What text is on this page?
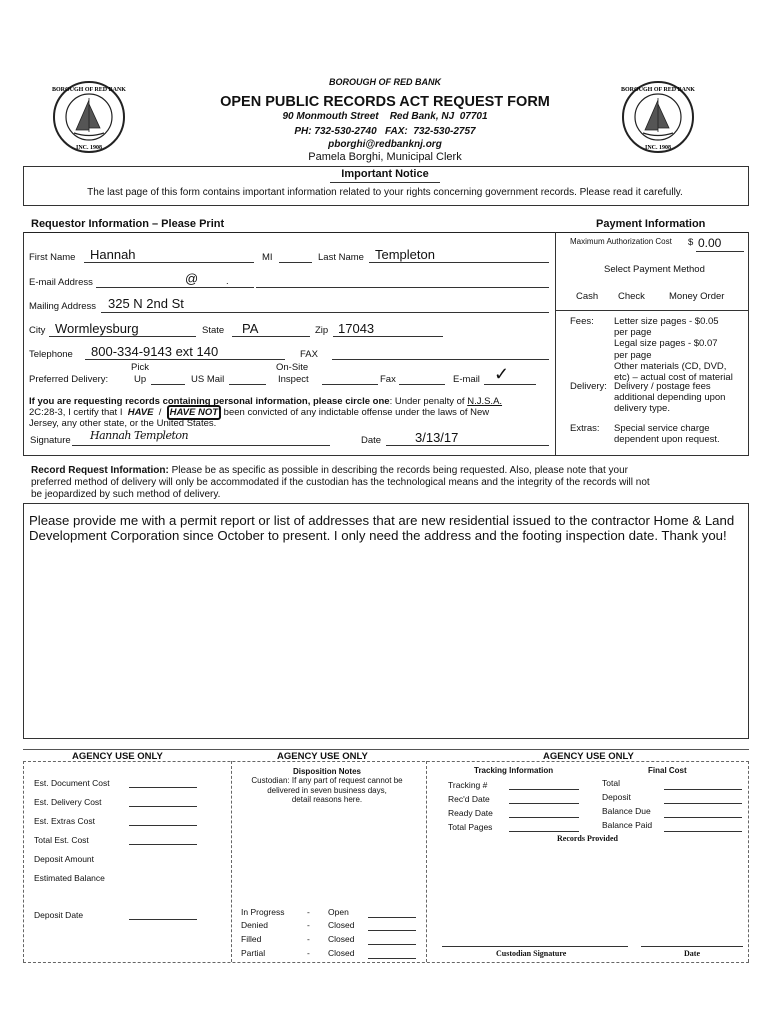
BOROUGH OF RED BANK
INC. 1908
BOROUGH OF RED BANK
INC. 1908
BOROUGH OF RED BANK
OPEN PUBLIC RECORDS ACT REQUEST FORM
90 Monmouth Street    Red Bank, NJ  07701
PH: 732-530-2740   FAX:  732-530-2757
pborghi@redbanknj.org
Pamela Borghi, Municipal Clerk
Important Notice
The last page of this form contains important information related to your rights concerning government records. Please read it carefully.
Requestor Information – Please Print	Payment Information
First Name Hannah	MI	Last Name Templeton
E-mail Address	@	.
Mailing Address 325 N 2nd St
City Wormleysburg	State PA	Zip 17043
Telephone 800-334-9143 ext 140	FAX
Pick	On-Site
Preferred Delivery:	Up	US Mail	Inspect	Fax	E-mail ✓
If you are requesting records containing personal information, please circle one: Under penalty of N.J.S.A.
2C:28-3, I certify that I  HAVE  /  HAVE NOT been convicted of any indictable offense under the laws of New
Jersey, any other state, or the United States.
Signature Hannah Templeton	Date	3/13/17
Maximum Authorization Cost $ 0.00
Select Payment Method
Cash Check	Money Order
Fees: Letter size pages - $0.05
per page
Legal size pages - $0.07
per page
Other materials (CD, DVD,
etc) – actual cost of material
Delivery: Delivery / postage fees
additional depending upon
delivery type.
Extras: Special service charge
dependent upon request.
Record Request Information: Please be as specific as possible in describing the records being requested. Also, please note that your
preferred method of delivery will only be accommodated if the custodian has the technological means and the integrity of the records will not
be jeopardized by such method of delivery.
Please provide me with a permit report or list of addresses that are new residential issued to the contractor Home & Land Development Corporation since October to present. I only need the address and the footing inspection date. Thank you!
AGENCY USE ONLY	AGENCY USE ONLY	AGENCY USE ONLY
Est. Document Cost
Est. Delivery Cost
Est. Extras Cost
Total Est. Cost
Deposit Amount
Estimated Balance
Deposit Date
Disposition Notes
Custodian: If any part of request cannot be
delivered in seven business days,
detail reasons here.
In Progress	- Open
Denied	- Closed
Filled	- Closed
Partial	- Closed
Tracking Information	Final Cost
Tracking #
Rec'd Date
Ready Date
Total Pages
Total
Deposit
Balance Due
Balance Paid
Records Provided
Custodian Signature	Date
